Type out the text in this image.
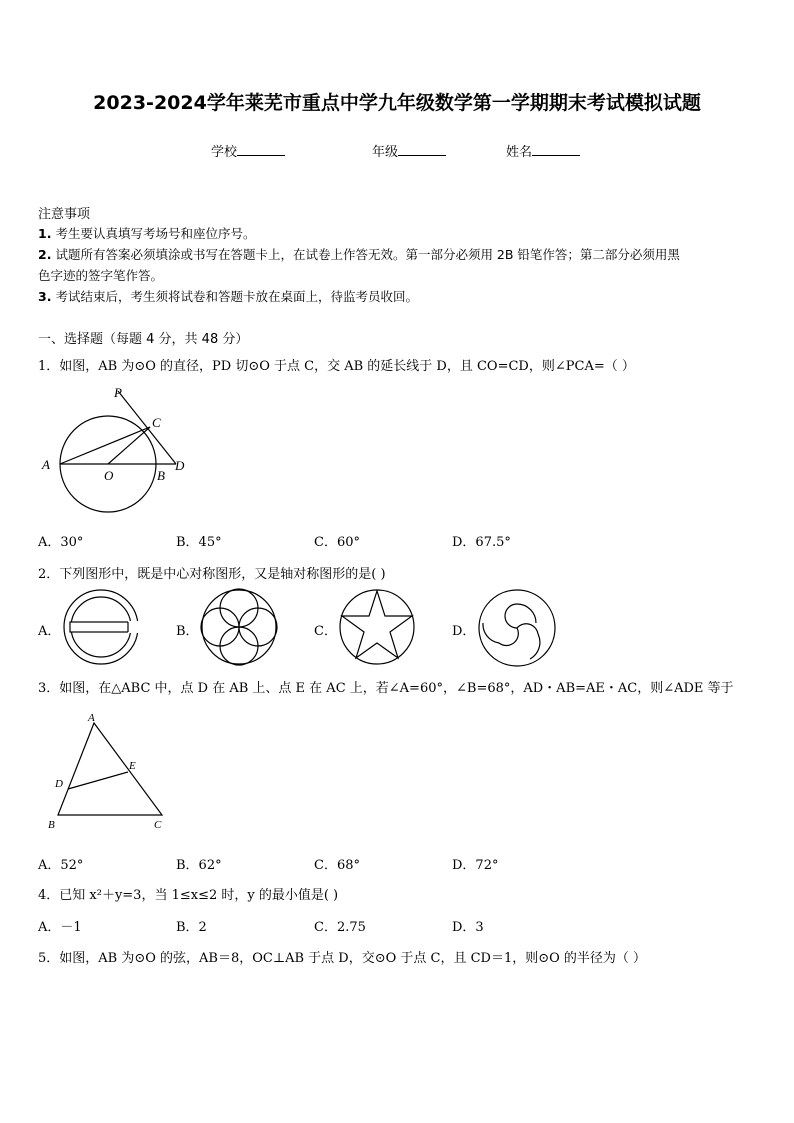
2023-2024学年莱芜市重点中学九年级数学第一学期期末考试模拟试题
学校	年级	姓名
注意事项
1. 考生要认真填写考场号和座位序号。
2. 试题所有答案必须填涂或书写在答题卡上，在试卷上作答无效。第一部分必须用 2B 铅笔作答；第二部分必须用黑
色字迹的签字笔作答。
3. 考试结束后，考生须将试卷和答题卡放在桌面上，待监考员收回。
一、选择题（每题 4 分，共 48 分）
1．如图，AB 为⊙O 的直径，PD 切⊙O 于点 C，交 AB 的延长线于 D，且 CO=CD，则∠PCA=（ ）
P
C
A
O	B
D
A．30°	B．45°	C．60°	D．67.5°
2．下列图形中，既是中心对称图形，又是轴对称图形的是( )
A．	B．	C．	D．
3．如图，在△ABC 中，点 D 在 AB 上、点 E 在 AC 上，若∠A=60°，∠B=68°，AD・AB=AE・AC，则∠ADE 等于
A
D
E
B	C
A．52°	B．62°	C．68°	D．72°
4．已知 x²＋y=3，当 1≤x≤2 时，y 的最小值是( )
A．－1	B．2	C．2.75	D．3
5．如图，AB 为⊙O 的弦，AB＝8，OC⊥AB 于点 D，交⊙O 于点 C，且 CD＝1，则⊙O 的半径为（ ）
